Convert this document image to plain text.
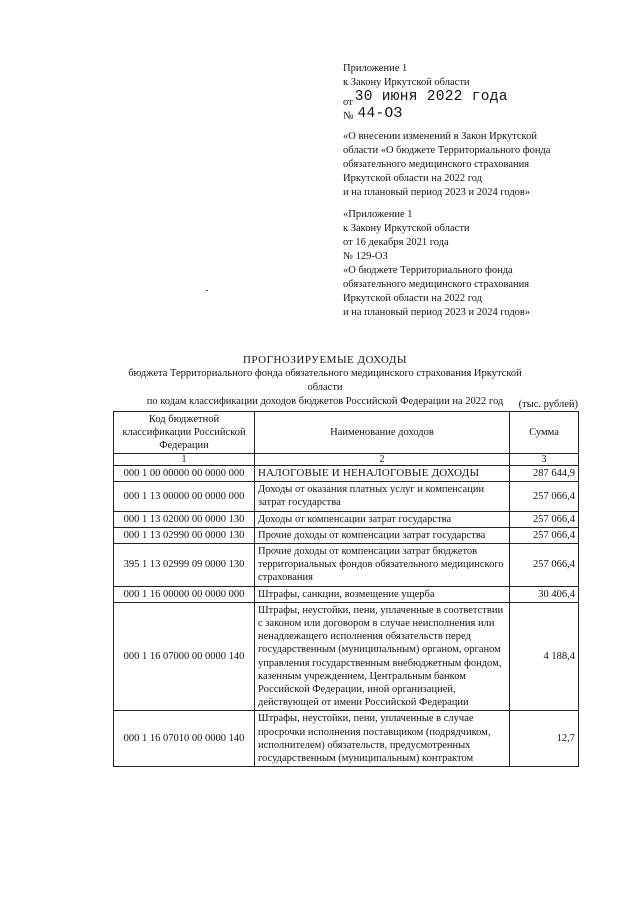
Приложение 1
к Закону Иркутской области
от 30 июня 2022 года
№ 44-ОЗ
«О внесении изменений в Закон Иркутской
области «О бюджете Территориального фонда
обязательного медицинского страхования
Иркутской области на 2022 год
и на плановый период 2023 и 2024 годов»
«Приложение 1
к Закону Иркутской области
от 16 декабря 2021 года
№ 129-ОЗ
«О бюджете Территориального фонда
обязательного медицинского страхования
Иркутской области на 2022 год
и на плановый период 2023 и 2024 годов»
ПРОГНОЗИРУЕМЫЕ ДОХОДЫ
бюджета Территориального фонда обязательного медицинского страхования Иркутской области
по кодам классификации доходов бюджетов Российской Федерации на 2022 год	(тыс. рублей)
Код бюджетной классификации Российской Федерации	Наименование доходов	Сумма
1	2	3
000 1 00 00000 00 0000 000	НАЛОГОВЫЕ И НЕНАЛОГОВЫЕ ДОХОДЫ	287 644,9
000 1 13 00000 00 0000 000	Доходы от оказания платных услуг и компенсации затрат государства	257 066,4
000 1 13 02000 00 0000 130	Доходы от компенсации затрат государства	257 066,4
000 1 13 02990 00 0000 130	Прочие доходы от компенсации затрат государства	257 066,4
395 1 13 02999 09 0000 130	Прочие доходы от компенсации затрат бюджетов территориальных фондов обязательного медицинского страхования	257 066,4
000 1 16 00000 00 0000 000	Штрафы, санкции, возмещение ущерба	30 406,4
000 1 16 07000 00 0000 140	Штрафы, неустойки, пени, уплаченные в соответствии с законом или договором в случае неисполнения или ненадлежащего исполнения обязательств перед государственным (муниципальным) органом, органом управления государственным внебюджетным фондом, казенным учреждением, Центральным банком Российской Федерации, иной организацией, действующей от имени Российской Федерации	4 188,4
000 1 16 07010 00 0000 140	Штрафы, неустойки, пени, уплаченные в случае просрочки исполнения поставщиком (подрядчиком, исполнителем) обязательств, предусмотренных государственным (муниципальным) контрактом	12,7
